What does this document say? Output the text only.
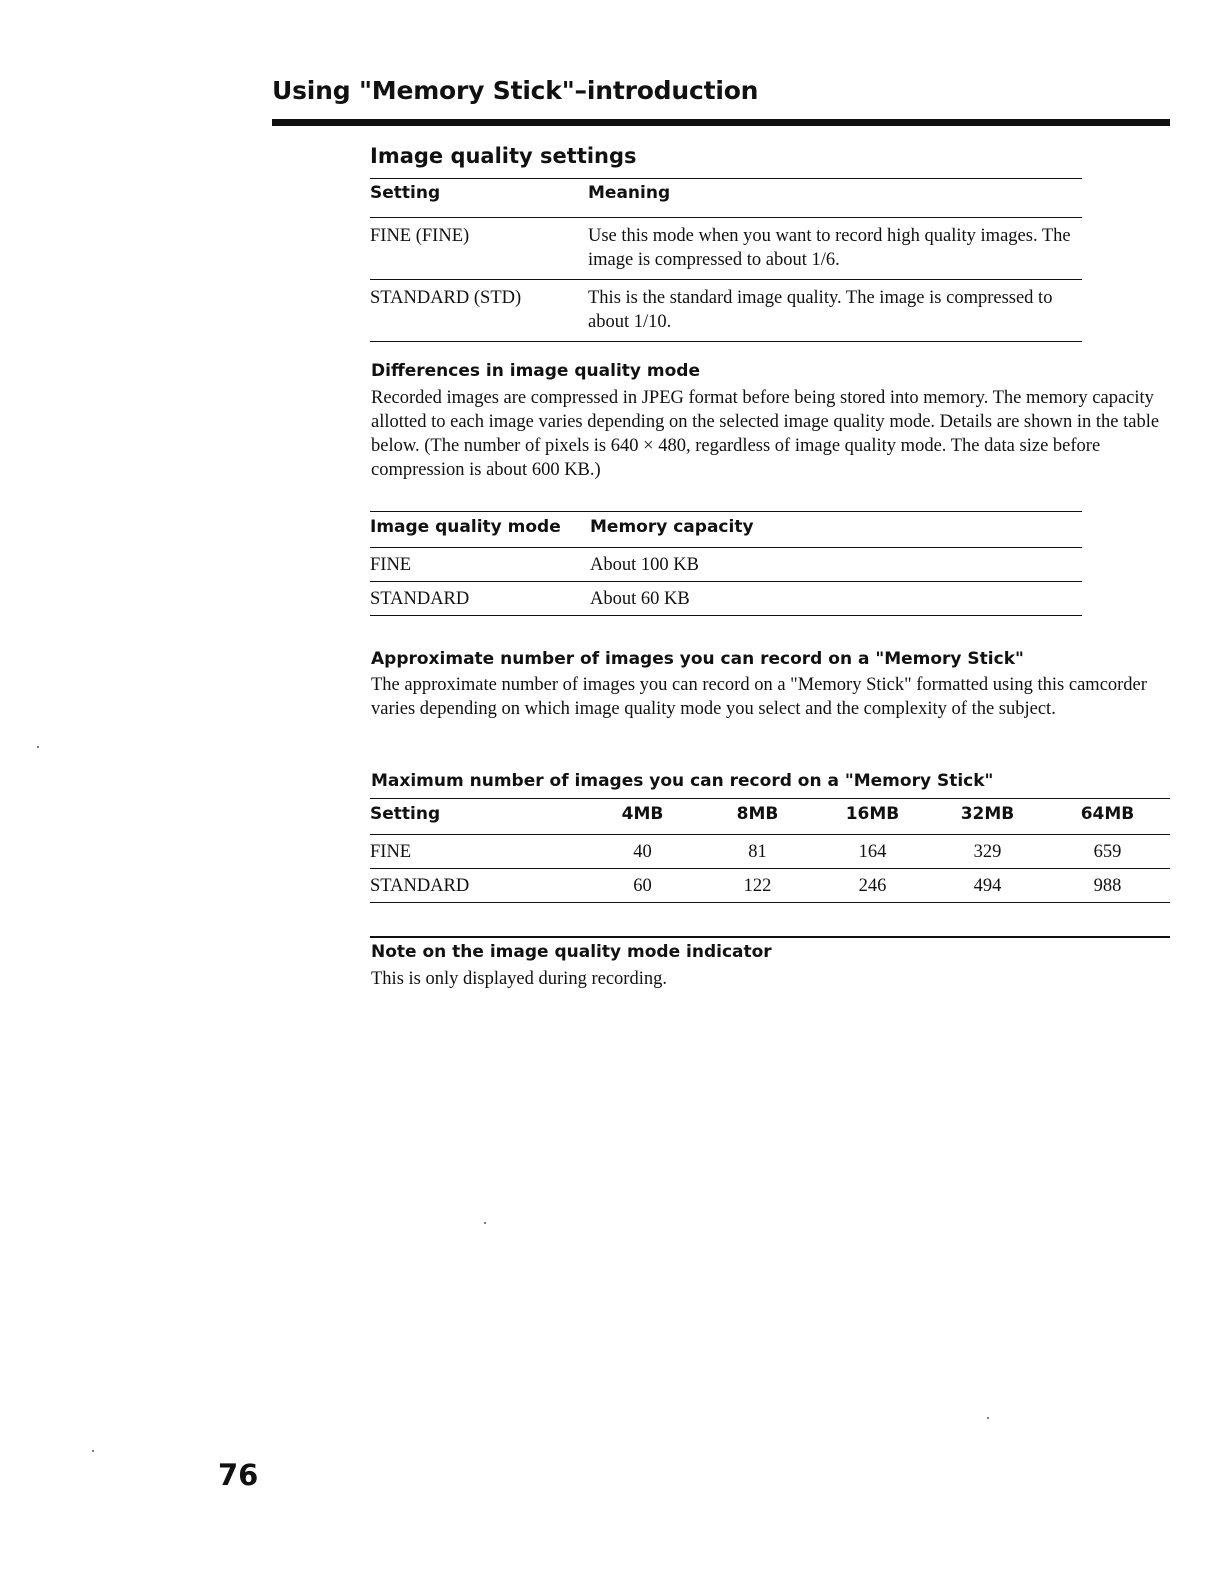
Using "Memory Stick"–introduction
Image quality settings
Setting	Meaning
FINE (FINE)	Use this mode when you want to record high quality images. The image is compressed to about 1/6.
STANDARD (STD)	This is the standard image quality. The image is compressed to about 1/10.
Differences in image quality mode

Recorded images are compressed in JPEG format before being stored into memory. The memory capacity allotted to each image varies depending on the selected image quality mode. Details are shown in the table below. (The number of pixels is 640 × 480, regardless of image quality mode. The data size before compression is about 600 KB.)

Image quality mode	Memory capacity
FINE	About 100 KB
STANDARD	About 60 KB
Approximate number of images you can record on a "Memory Stick"

The approximate number of images you can record on a "Memory Stick" formatted using this camcorder varies depending on which image quality mode you select and the complexity of the subject.

Maximum number of images you can record on a "Memory Stick"
Setting	4MB	8MB	16MB	32MB	64MB
FINE	40	81	164	329	659
STANDARD	60	122	246	494	988
Note on the image quality mode indicator

This is only displayed during recording.

76
